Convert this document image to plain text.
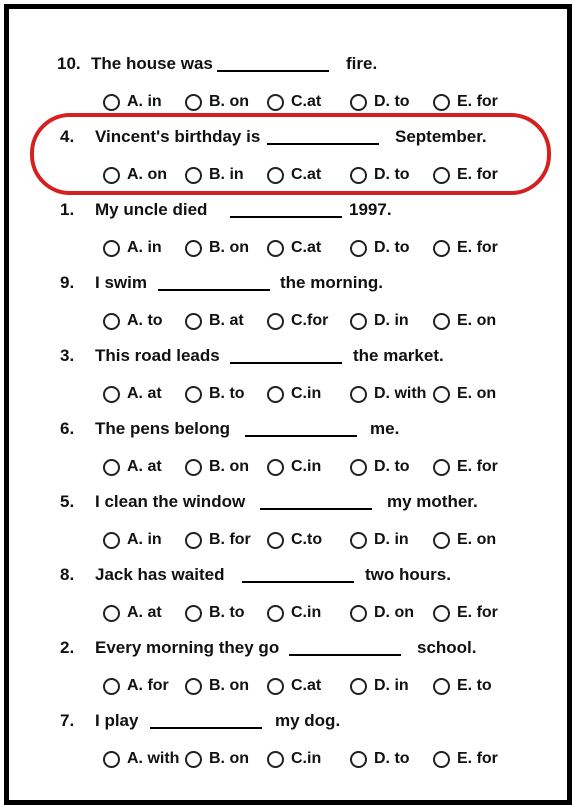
10. The house was	fire.
A. in	B. on	C.at	D. to	E. for
4. Vincent's birthday is	September.
A. on	B. in	C.at	D. to	E. for
1. My uncle died	1997.
A. in	B. on	C.at	D. to	E. for
9. I swim	the morning.
A. to	B. at	C.for	D. in	E. on
3. This road leads	the market.
A. at	B. to	C.in	D. with E. on
6. The pens belong	me.
A. at	B. on	C.in	D. to	E. for
5. I clean the window	my mother.
A. in	B. for	C.to	D. in	E. on
8. Jack has waited	two hours.
A. at	B. to	C.in	D. on	E. for
2. Every morning they go	school.
A. for	B. on	C.at	D. in	E. to
7. I play	my dog.
A. with B. on	C.in	D. to	E. for
